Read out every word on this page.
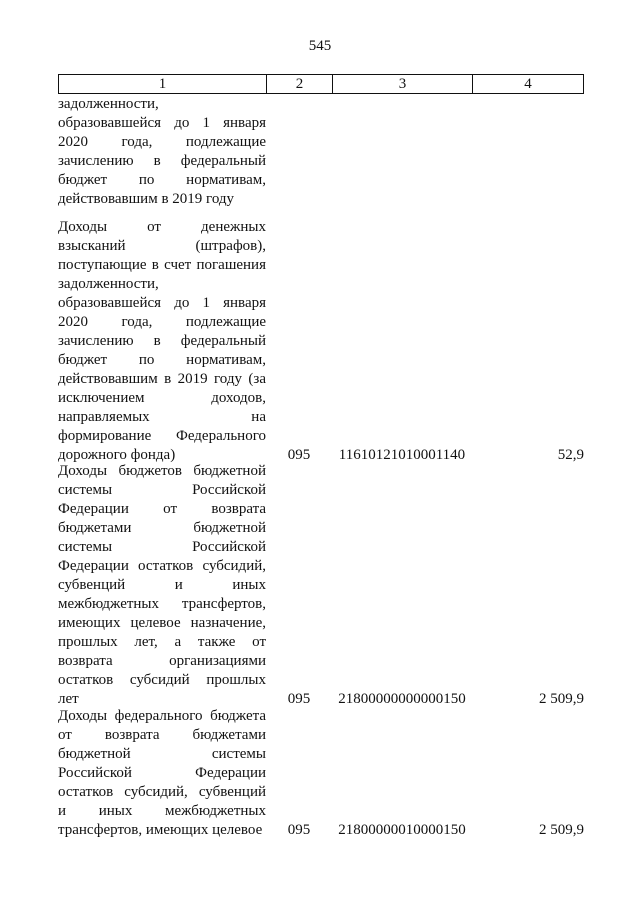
545
1	2	3	4
задолженности,
образовавшейся до 1 января
2020 года, подлежащие
зачислению в федеральный
бюджет по нормативам,
действовавшим в 2019 году
Доходы от денежных
взысканий (штрафов),
поступающие в счет погашения
задолженности,
образовавшейся до 1 января
2020 года, подлежащие
зачислению в федеральный
бюджет по нормативам,
действовавшим в 2019 году (за
исключением доходов,
направляемых на
формирование Федерального
дорожного фонда)	095	11610121010001140	52,9
Доходы бюджетов бюджетной
системы Российской
Федерации от возврата
бюджетами бюджетной
системы Российской
Федерации остатков субсидий,
субвенций и иных
межбюджетных трансфертов,
имеющих целевое назначение,
прошлых лет, а также от
возврата организациями
остатков субсидий прошлых
лет	095	21800000000000150	2 509,9
Доходы федерального бюджета
от возврата бюджетами
бюджетной системы
Российской Федерации
остатков субсидий, субвенций
и иных межбюджетных
трансфертов, имеющих целевое	095	21800000010000150	2 509,9
